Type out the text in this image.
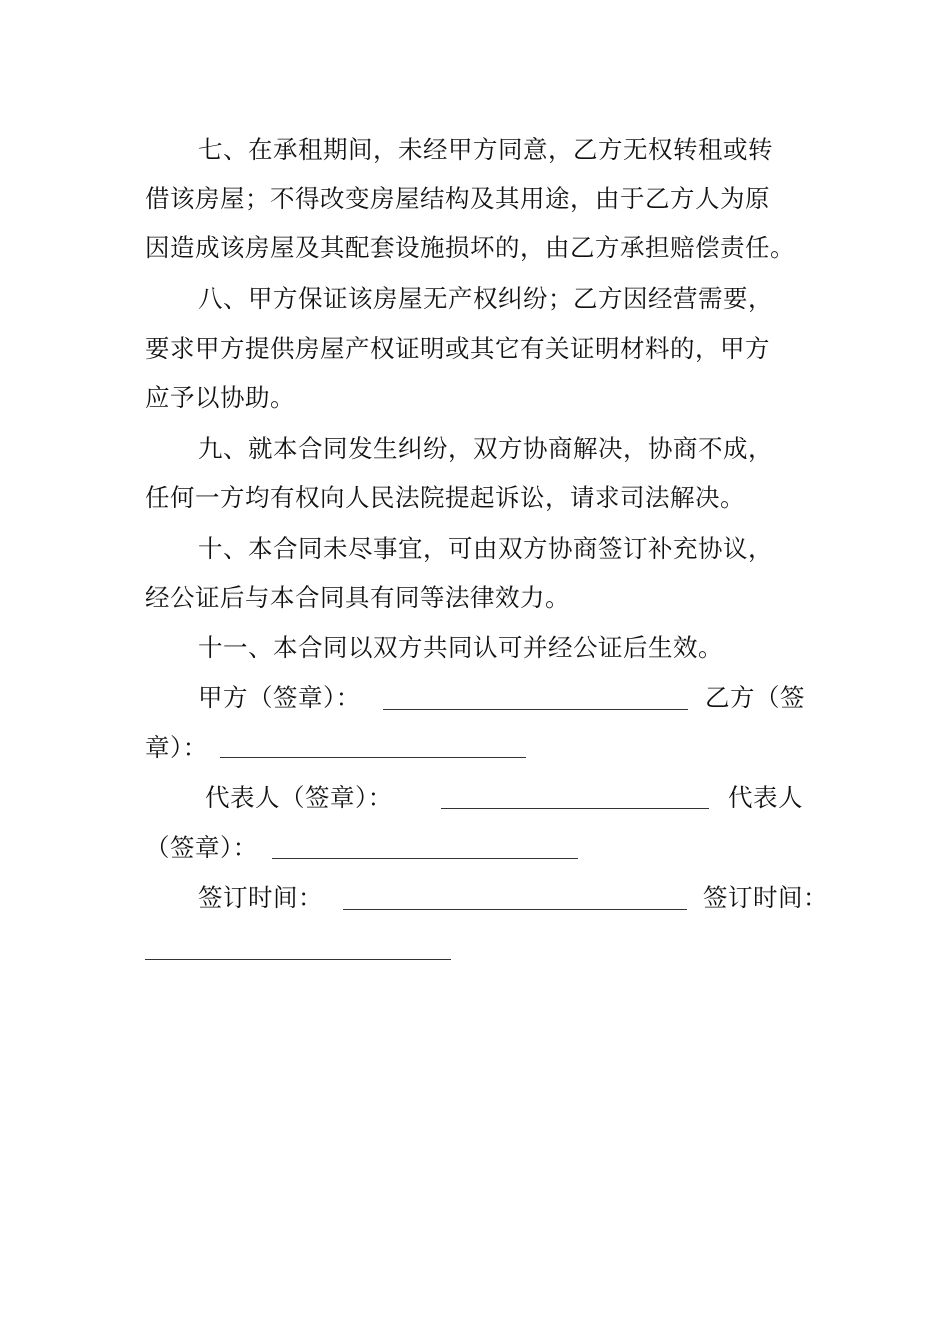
七、在承租期间，未经甲方同意，乙方无权转租或转
借该房屋；不得改变房屋结构及其用途，由于乙方人为原
因造成该房屋及其配套设施损坏的，由乙方承担赔偿责任。
八、甲方保证该房屋无产权纠纷；乙方因经营需要，
要求甲方提供房屋产权证明或其它有关证明材料的，甲方
应予以协助。
九、就本合同发生纠纷，双方协商解决，协商不成，
任何一方均有权向人民法院提起诉讼，请求司法解决。
十、本合同未尽事宜，可由双方协商签订补充协议，
经公证后与本合同具有同等法律效力。
十一、本合同以双方共同认可并经公证后生效。
甲方（签章）：	乙方（签
章）：
代表人（签章）：	代表人
（签章）：
签订时间：	签订时间：
